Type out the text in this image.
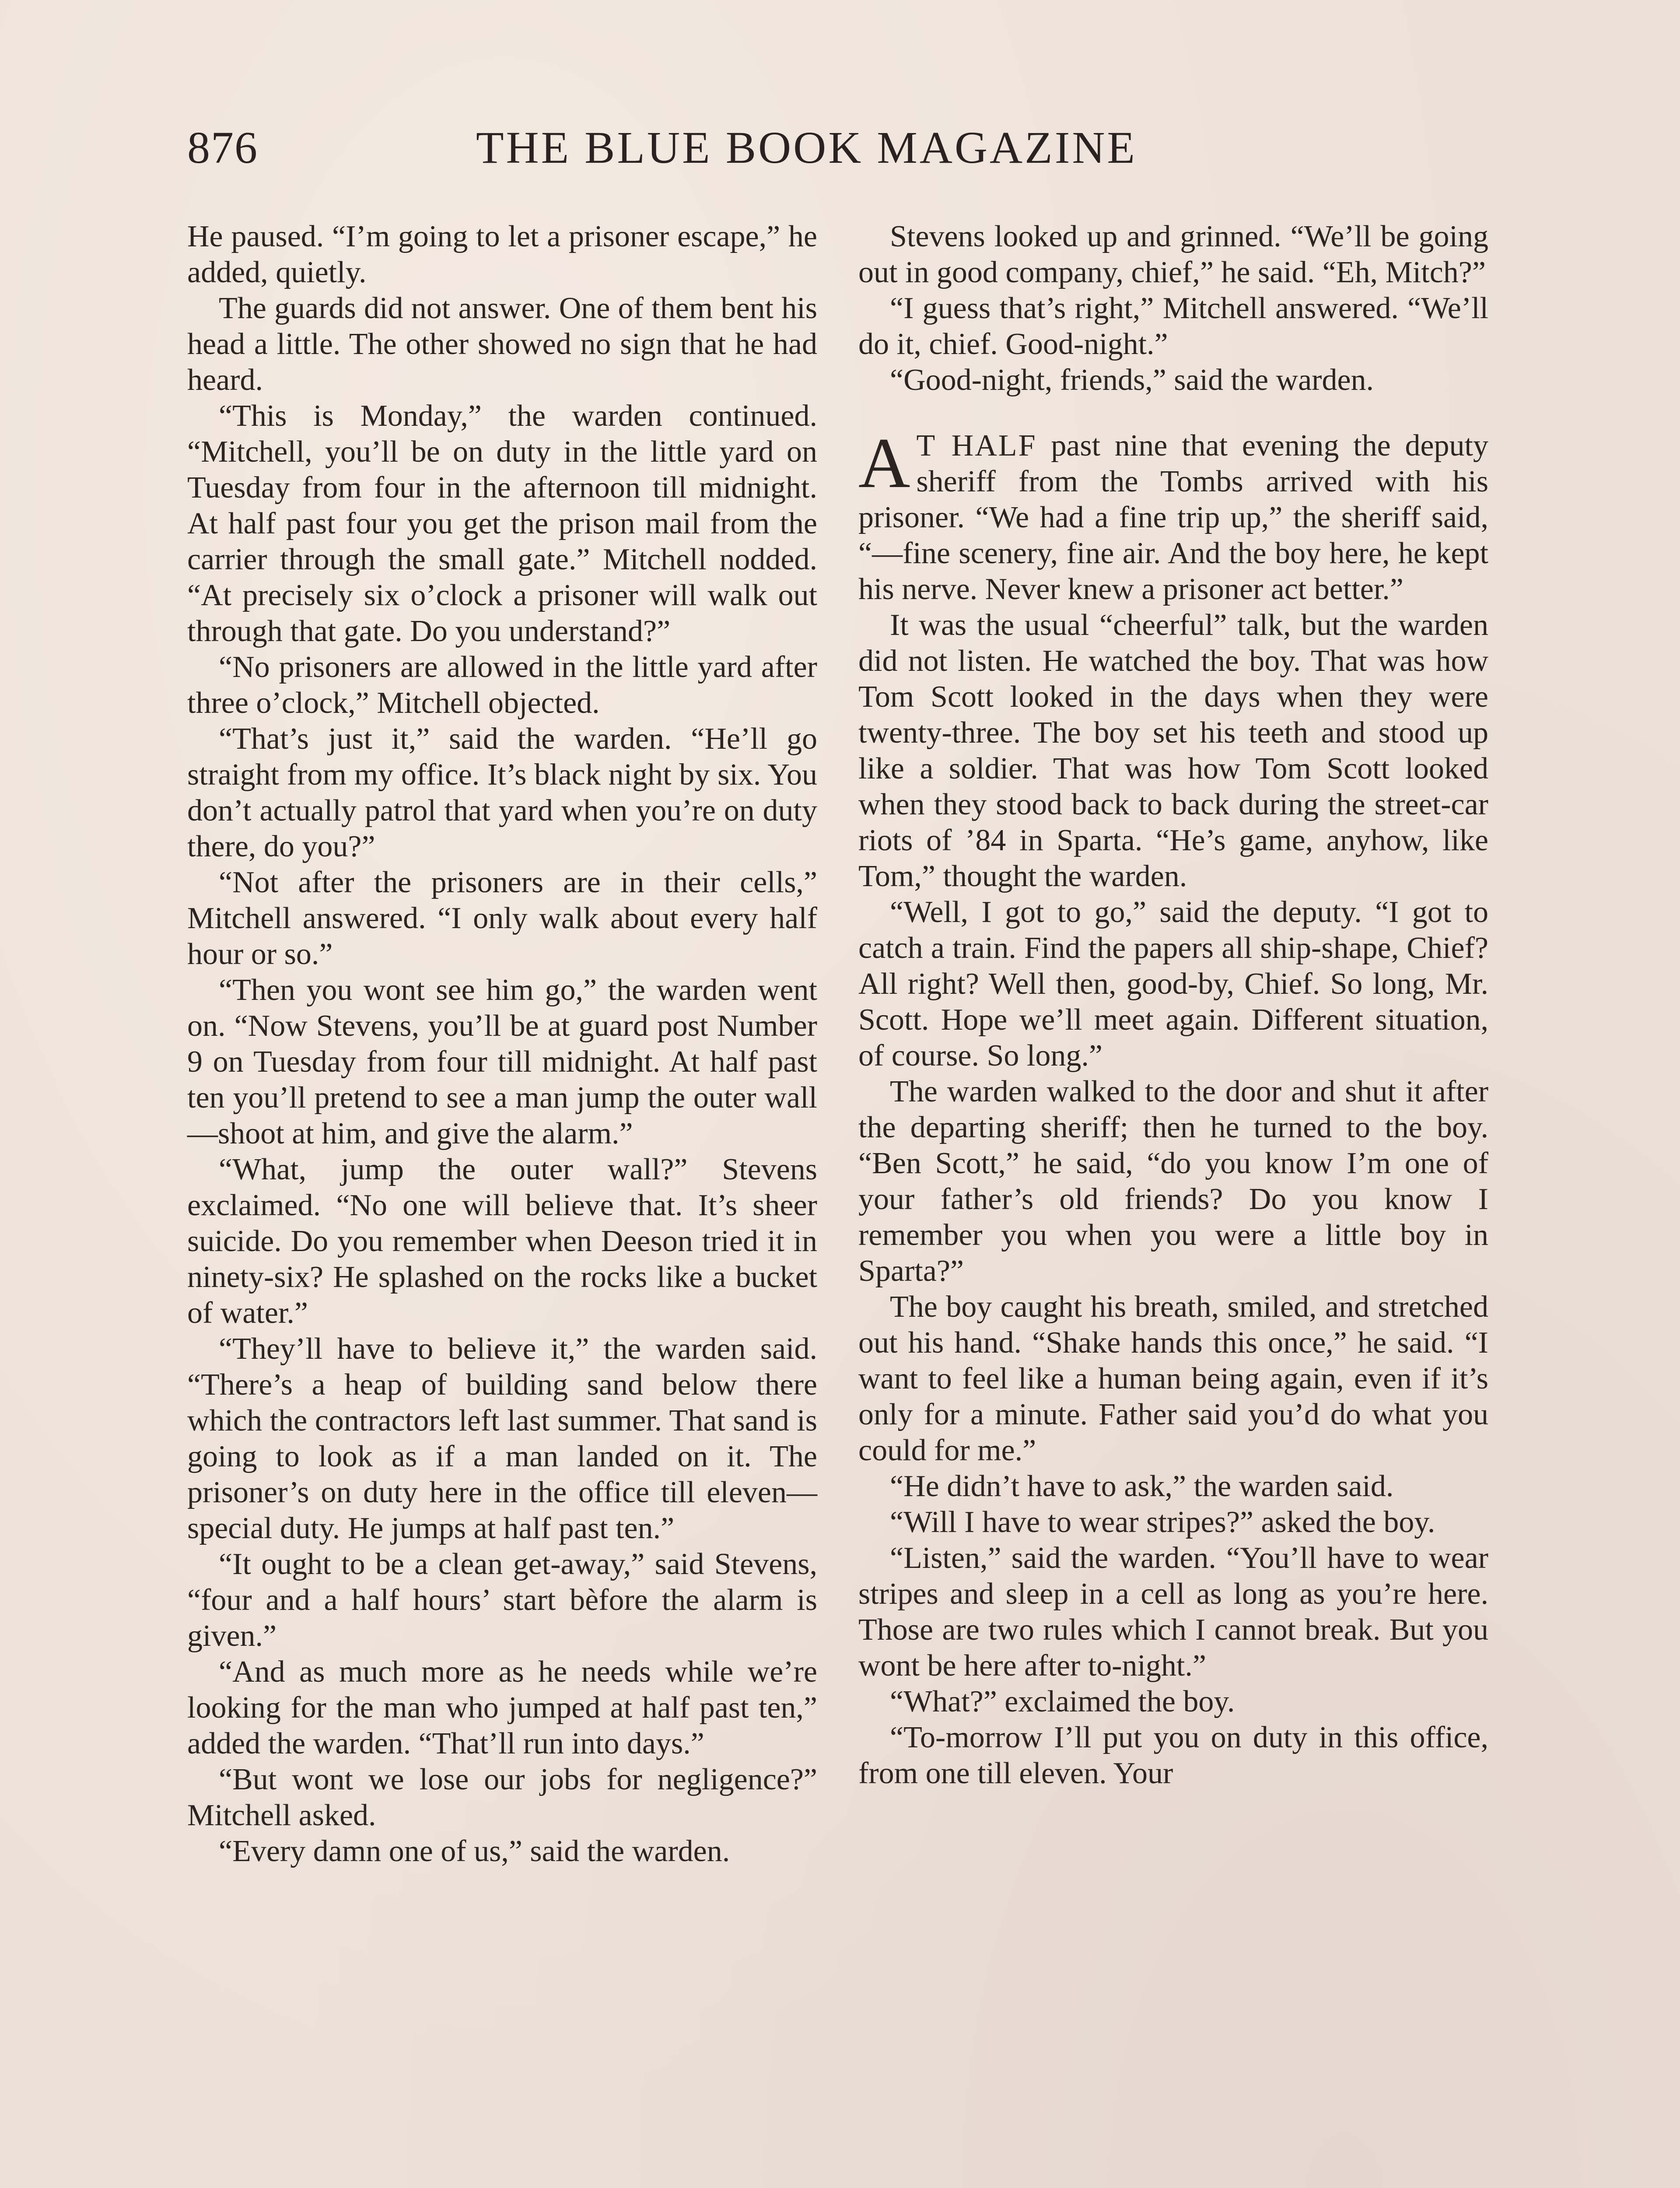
876	THE BLUE BOOK MAGAZINE

He paused. “I’m going to let a prisoner escape,” he added, quietly.

The guards did not answer. One of them bent his head a little. The other showed no sign that he had heard.

“This is Monday,” the warden continued. “Mitchell, you’ll be on duty in the little yard on Tuesday from four in the afternoon till midnight. At half past four you get the prison mail from the carrier through the small gate.” Mitchell nodded. “At precisely six o’clock a prisoner will walk out through that gate. Do you understand?”

“No prisoners are allowed in the little yard after three o’clock,” Mitchell objected.

“That’s just it,” said the warden. “He’ll go straight from my office. It’s black night by six. You don’t actually patrol that yard when you’re on duty there, do you?”

“Not after the prisoners are in their cells,” Mitchell answered. “I only walk about every half hour or so.”

“Then you wont see him go,” the warden went on. “Now Stevens, you’ll be at guard post Number 9 on Tuesday from four till midnight. At half past ten you’ll pretend to see a man jump the outer wall—shoot at him, and give the alarm.”

“What, jump the outer wall?” Stevens exclaimed. “No one will believe that. It’s sheer suicide. Do you remember when Deeson tried it in ninety-six? He splashed on the rocks like a bucket of water.”

“They’ll have to believe it,” the warden said. “There’s a heap of building sand below there which the contractors left last summer. That sand is going to look as if a man landed on it. The prisoner’s on duty here in the office till eleven—special duty. He jumps at half past ten.”

“It ought to be a clean get-away,” said Stevens, “four and a half hours’ start bèfore the alarm is given.”

“And as much more as he needs while we’re looking for the man who jumped at half past ten,” added the warden. “That’ll run into days.”

“But wont we lose our jobs for negligence?” Mitchell asked.

“Every damn one of us,” said the warden.

Stevens looked up and grinned. “We’ll be going out in good company, chief,” he said. “Eh, Mitch?”

“I guess that’s right,” Mitchell answered. “We’ll do it, chief. Good-night.”

“Good-night, friends,” said the warden.

A T HALF past nine that evening the deputy sheriff from the Tombs arrived with his prisoner. “We had a fine trip up,” the sheriff said, “—fine scenery, fine air. And the boy here, he kept his nerve. Never knew a prisoner act better.”

It was the usual “cheerful” talk, but the warden did not listen. He watched the boy. That was how Tom Scott looked in the days when they were twenty-three. The boy set his teeth and stood up like a soldier. That was how Tom Scott looked when they stood back to back during the street-car riots of ’84 in Sparta. “He’s game, anyhow, like Tom,” thought the warden.

“Well, I got to go,” said the deputy. “I got to catch a train. Find the papers all ship-shape, Chief? All right? Well then, good-by, Chief. So long, Mr. Scott. Hope we’ll meet again. Different situation, of course. So long.”

The warden walked to the door and shut it after the departing sheriff; then he turned to the boy. “Ben Scott,” he said, “do you know I’m one of your father’s old friends? Do you know I remember you when you were a little boy in Sparta?”

The boy caught his breath, smiled, and stretched out his hand. “Shake hands this once,” he said. “I want to feel like a human being again, even if it’s only for a minute. Father said you’d do what you could for me.”

“He didn’t have to ask,” the warden said.

“Will I have to wear stripes?” asked the boy.

“Listen,” said the warden. “You’ll have to wear stripes and sleep in a cell as long as you’re here. Those are two rules which I cannot break. But you wont be here after to-night.”

“What?” exclaimed the boy.

“To-morrow I’ll put you on duty in this office, from one till eleven. Your
